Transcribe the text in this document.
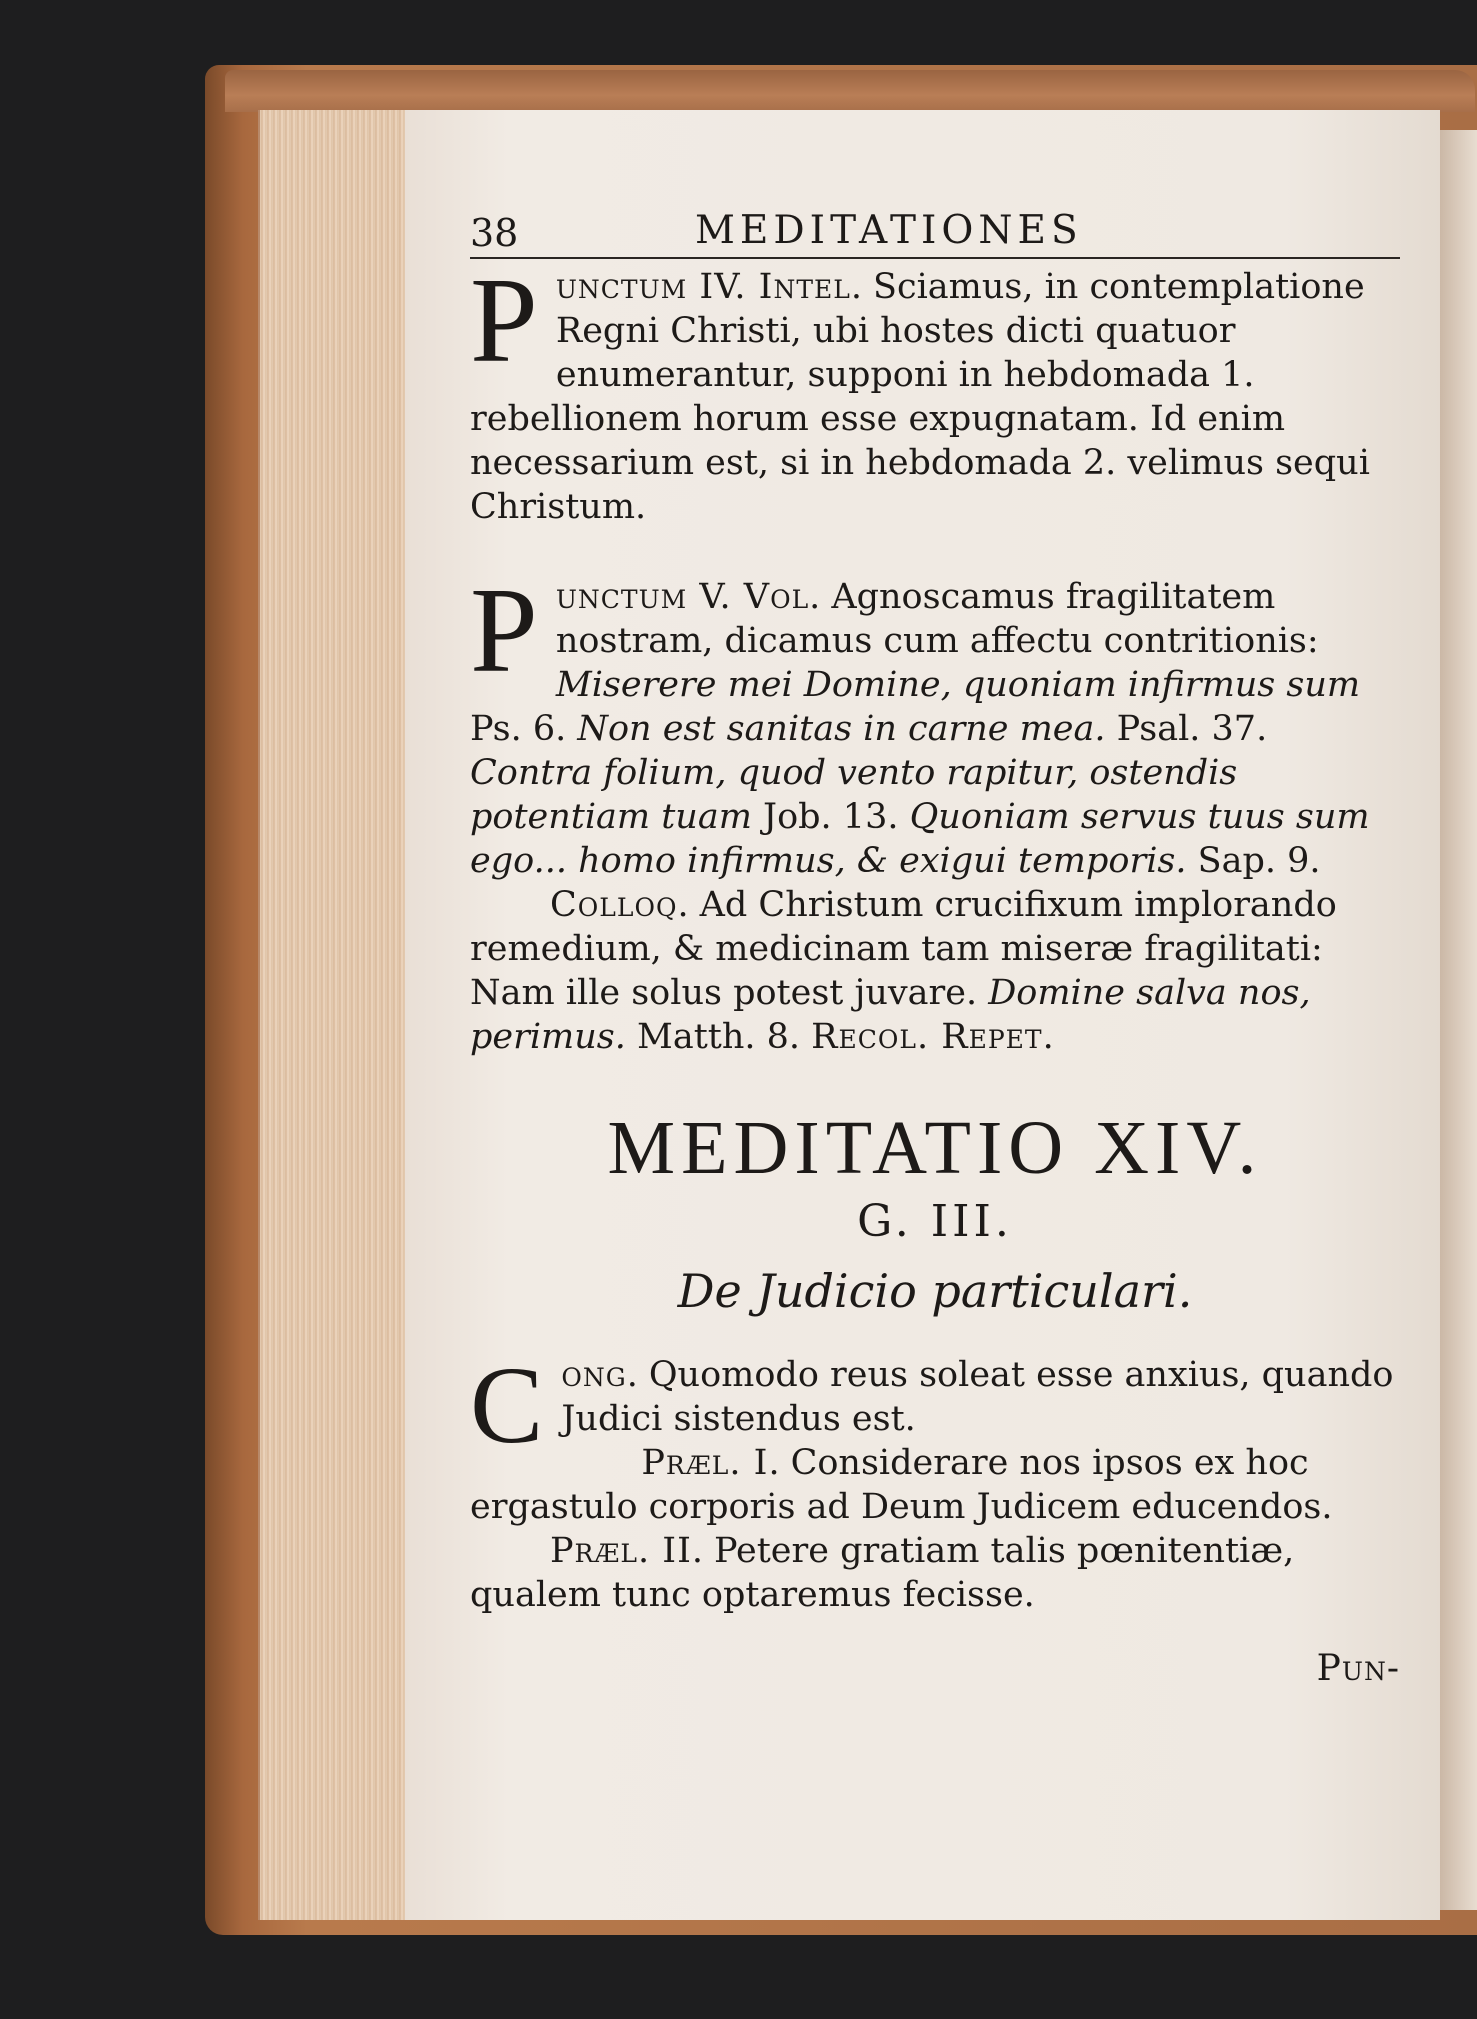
38	MEDITATIONES

Punctum IV. Intel. Sciamus, in contemplatione Regni Christi, ubi hostes dicti quatuor enumerantur, supponi in hebdomada 1. rebellionem horum esse expugnatam. Id enim necessarium est, si in hebdomada 2. velimus sequi Christum.

Punctum V. Vol. Agnoscamus fragilitatem nostram, dicamus cum affectu contritionis: Miserere mei Domine, quoniam infirmus sum Ps. 6. Non est sanitas in carne mea. Psal. 37. Contra folium, quod vento rapitur, ostendis potentiam tuam Job. 13. Quoniam servus tuus sum ego... homo infirmus, & exigui temporis. Sap. 9.

Colloq. Ad Christum crucifixum implorando remedium, & medicinam tam miseræ fragilitati: Nam ille solus potest juvare. Domine salva nos, perimus. Matth. 8. Recol. Repet.

MEDITATIO XIV.
G. III.
De Judicio particulari.

Cong. Quomodo reus soleat esse anxius, quando Judici sistendus est.

Præl. I. Considerare nos ipsos ex hoc ergastulo corporis ad Deum Judicem educendos.

Præl. II. Petere gratiam talis pœnitentiæ, qualem tunc optaremus fecisse.

Pun-
